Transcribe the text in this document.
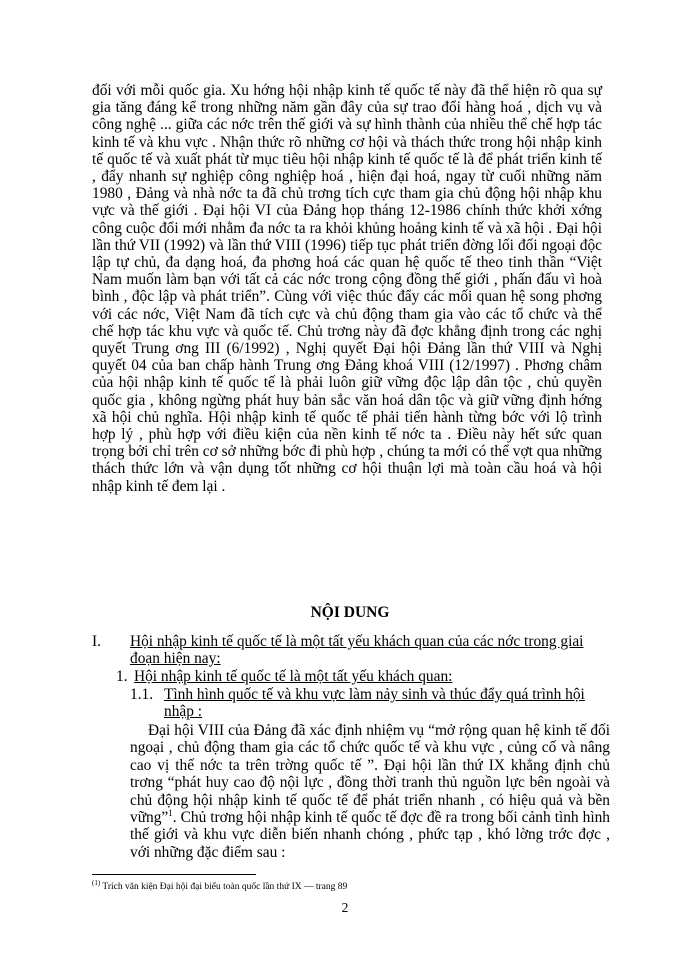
đối với mỗi quốc gia. Xu hớng hội nhập kinh tế quốc tế này đã thể hiện rõ qua sự gia tăng đáng kể trong những năm gần đây của sự trao đổi hàng hoá , dịch vụ và công nghệ ... giữa các nớc trên thế giới và sự hình thành của nhiều thể chế hợp tác kinh tế và khu vực . Nhận thức rõ những cơ hội và thách thức trong hội nhập kinh tế quốc tế và xuất phát từ mục tiêu hội nhập kinh tế quốc tế là để phát triển kinh tế , đẩy nhanh sự nghiệp công nghiệp hoá , hiện đại hoá, ngay từ cuối những năm 1980 , Đảng và nhà nớc ta đã chủ trơng tích cực tham gia chủ động hội nhập khu vực và thế giới . Đại hội VI của Đảng họp tháng 12-1986 chính thức khởi xớng công cuộc đổi mới nhằm đa nớc ta ra khỏi khủng hoảng kinh tế và xã hội . Đại hội lần thứ VII (1992) và lần thứ VIII (1996) tiếp tục phát triển đờng lối đối ngoại độc lập tự chủ, đa dạng hoá, đa phơng hoá các quan hệ quốc tế theo tinh thần “Việt Nam muốn làm bạn với tất cả các nớc trong cộng đồng thế giới , phấn đấu vì hoà bình , độc lập và phát triển”. Cùng với việc thúc đẩy các mối quan hệ song phơng với các nớc, Việt Nam đã tích cực và chủ động tham gia vào các tổ chức và thể chế hợp tác khu vực và quốc tế. Chủ trơng này đã đợc khẳng định trong các nghị quyết Trung ơng III (6/1992) , Nghị quyết Đại hội Đảng lần thứ VIII và Nghị quyết 04 của ban chấp hành Trung ơng Đảng khoá VIII (12/1997) . Phơng châm của hội nhập kinh tế quốc tế là phải luôn giữ vững độc lập dân tộc , chủ quyền quốc gia , không ngừng phát huy bản sắc văn hoá dân tộc và giữ vững định hớng xã hội chủ nghĩa. Hội nhập kinh tế quốc tế phải tiến hành từng bớc với lộ trình hợp lý , phù hợp với điều kiện của nền kinh tế nớc ta . Điều này hết sức quan trọng bởi chỉ trên cơ sở những bớc đi phù hợp , chúng ta mới có thể vợt qua những thách thức lớn và vận dụng tốt những cơ hội thuận lợi mà toàn cầu hoá và hội nhập kinh tế đem lại .

NỘI DUNG

I. Hội nhập kinh tế quốc tế là một tất yếu khách quan của các nớc trong giai đoạn hiện nay:
1. Hội nhập kinh tế quốc tế là một tất yếu khách quan:
1.1. Tình hình quốc tế và khu vực làm nảy sinh và thúc đẩy quá trình hội nhập :

Đại hội VIII của Đảng đã xác định nhiệm vụ “mở rộng quan hệ kinh tế đối ngoại , chủ động tham gia các tổ chức quốc tế và khu vực , củng cố và nâng cao vị thế nớc ta trên trờng quốc tế ”. Đại hội lần thứ IX khẳng định chủ trơng “phát huy cao độ nội lực , đồng thời tranh thủ nguồn lực bên ngoài và chủ động hội nhập kinh tế quốc tế để phát triển nhanh , có hiệu quả và bền vững”$^1$. Chủ trơng hội nhập kinh tế quốc tế đợc đề ra trong bối cảnh tình hình thế giới và khu vực diễn biến nhanh chóng , phức tạp , khó lờng trớc đợc , với những đặc điểm sau :

$^{(1)}$ Trích văn kiện Đại hội đại biểu toàn quốc lần thứ IX — trang 89

2
